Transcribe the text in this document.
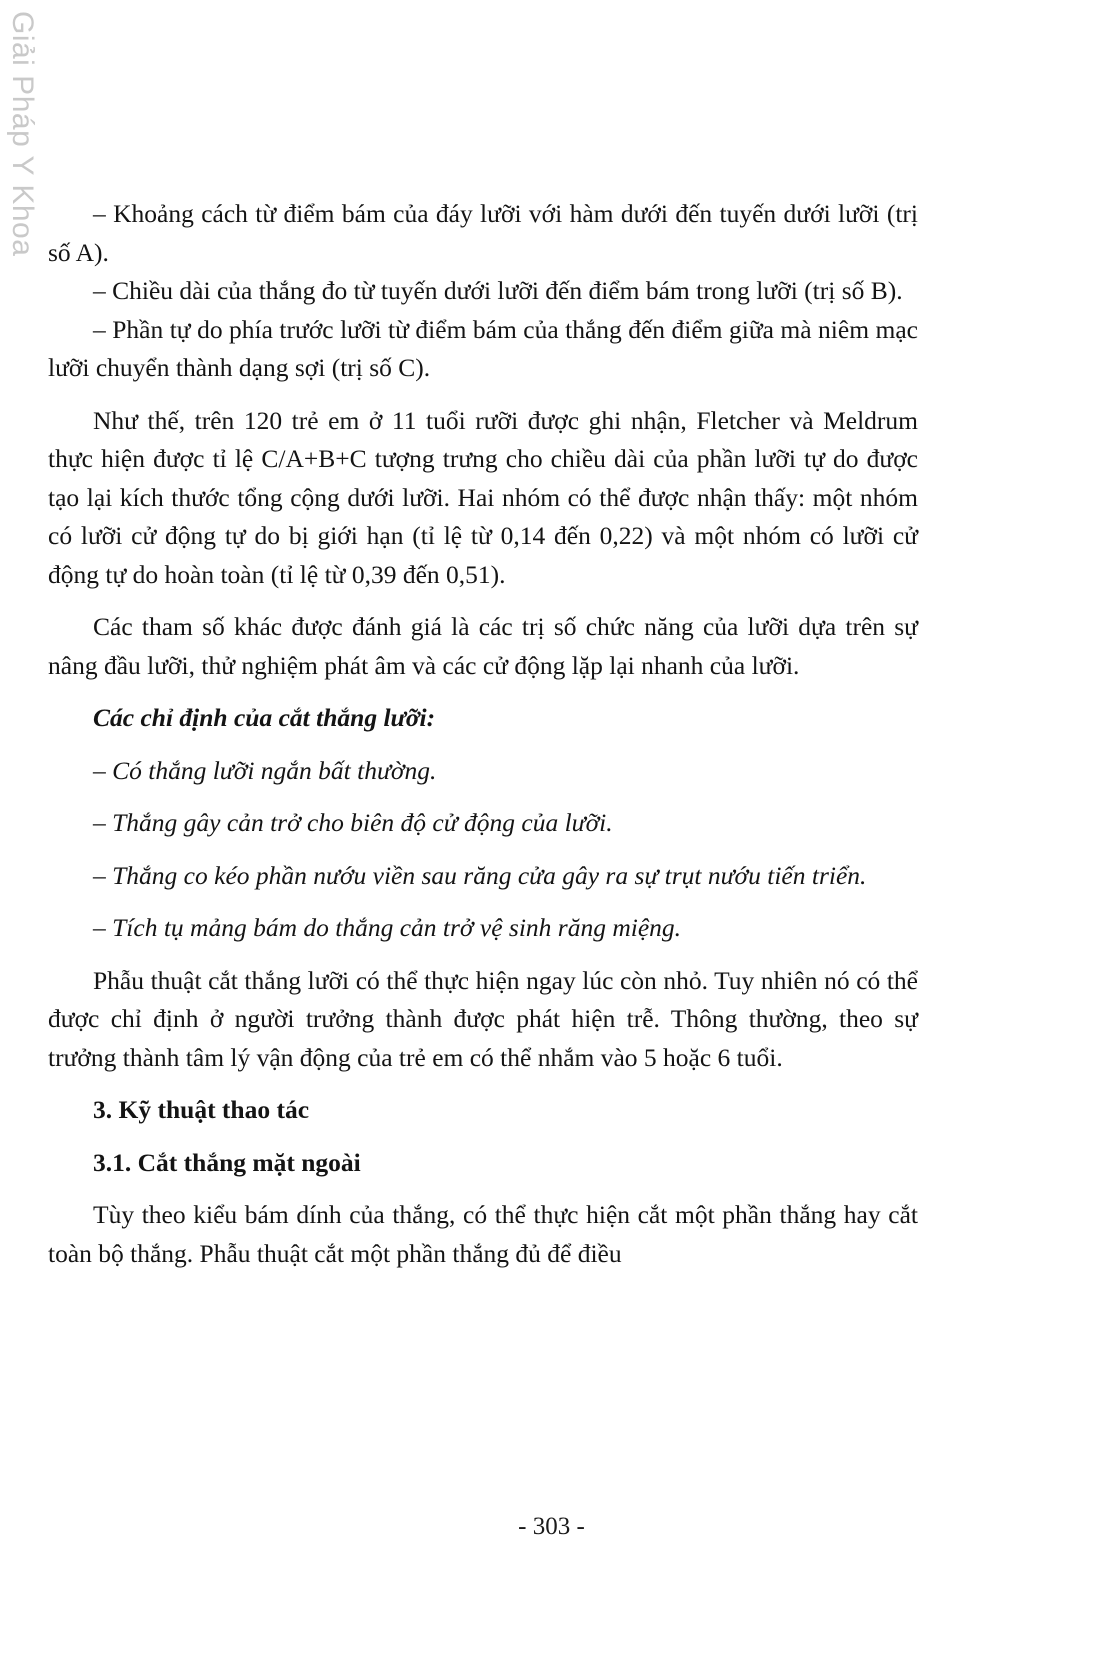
Giải Pháp Y Khoa	– Khoảng cách từ điểm bám của đáy lưỡi với hàm dưới đến tuyến dưới lưỡi (trị số A).

– Chiều dài của thắng đo từ tuyến dưới lưỡi đến điểm bám trong lưỡi (trị số B).

– Phần tự do phía trước lưỡi từ điểm bám của thắng đến điểm giữa mà niêm mạc lưỡi chuyển thành dạng sợi (trị số C).

Như thế, trên 120 trẻ em ở 11 tuổi rưỡi được ghi nhận, Fletcher và Meldrum thực hiện được tỉ lệ C/A+B+C tượng trưng cho chiều dài của phần lưỡi tự do được tạo lại kích thước tổng cộng dưới lưỡi. Hai nhóm có thể được nhận thấy: một nhóm có lưỡi cử động tự do bị giới hạn (tỉ lệ từ 0,14 đến 0,22) và một nhóm có lưỡi cử động tự do hoàn toàn (tỉ lệ từ 0,39 đến 0,51).

Các tham số khác được đánh giá là các trị số chức năng của lưỡi dựa trên sự nâng đầu lưỡi, thử nghiệm phát âm và các cử động lặp lại nhanh của lưỡi.

Các chỉ định của cắt thắng lưỡi:

– Có thắng lưỡi ngắn bất thường.

– Thắng gây cản trở cho biên độ cử động của lưỡi.

– Thắng co kéo phần nướu viền sau răng cửa gây ra sự trụt nướu tiến triển.

– Tích tụ mảng bám do thắng cản trở vệ sinh răng miệng.

Phẫu thuật cắt thắng lưỡi có thể thực hiện ngay lúc còn nhỏ. Tuy nhiên nó có thể được chỉ định ở người trưởng thành được phát hiện trễ. Thông thường, theo sự trưởng thành tâm lý vận động của trẻ em có thể nhắm vào 5 hoặc 6 tuổi.

3. Kỹ thuật thao tác

3.1. Cắt thắng mặt ngoài

Tùy theo kiểu bám dính của thắng, có thể thực hiện cắt một phần thắng hay cắt toàn bộ thắng. Phẫu thuật cắt một phần thắng đủ để điều

- 303 -
